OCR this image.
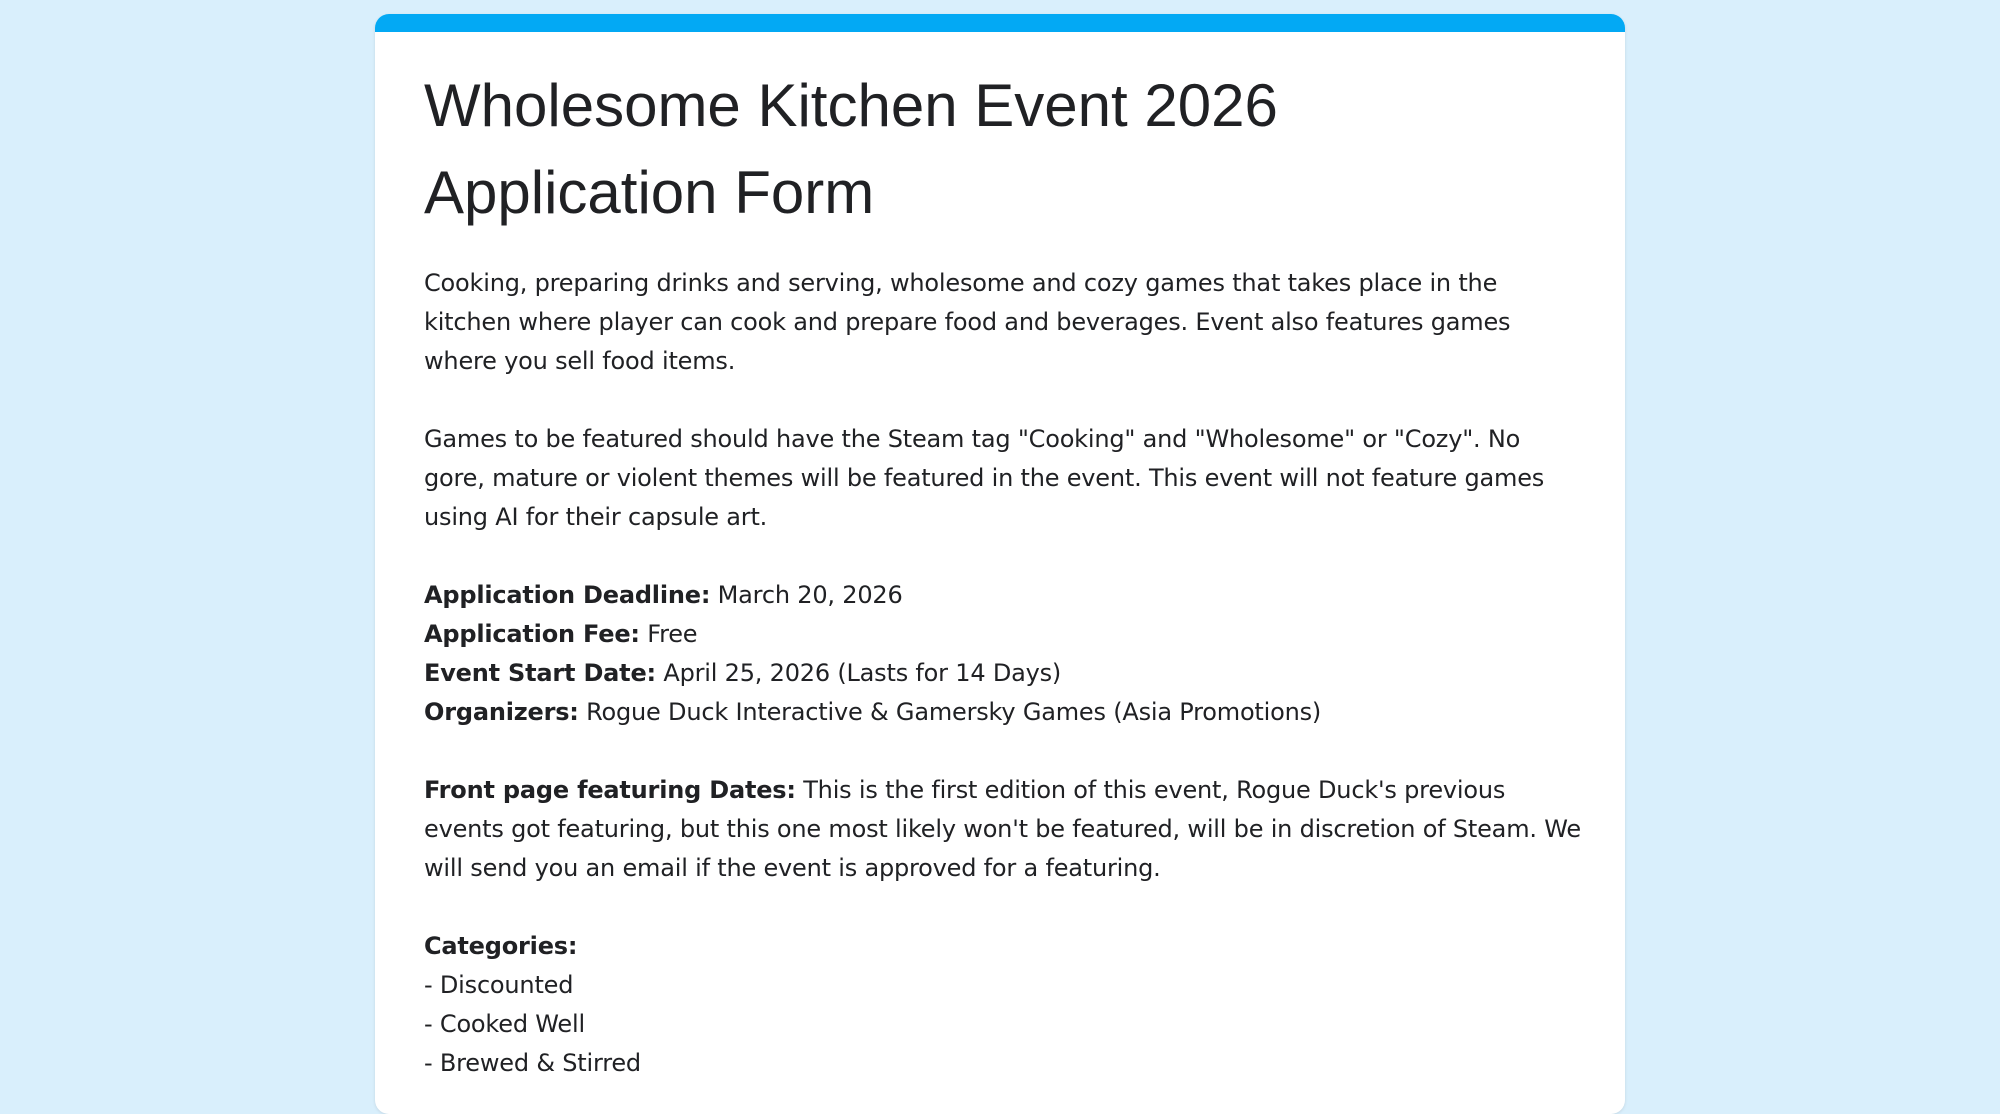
Wholesome Kitchen Event 2026 Application Form

Cooking, preparing drinks and serving, wholesome and cozy games that takes place in the kitchen where player can cook and prepare food and beverages. Event also features games where you sell food items.

Games to be featured should have the Steam tag "Cooking" and "Wholesome" or "Cozy". No gore, mature or violent themes will be featured in the event. This event will not feature games using AI for their capsule art.

Application Deadline: March 20, 2026
Application Fee: Free
Event Start Date: April 25, 2026 (Lasts for 14 Days)
Organizers: Rogue Duck Interactive & Gamersky Games (Asia Promotions)

Front page featuring Dates: This is the first edition of this event, Rogue Duck's previous events got featuring, but this one most likely won't be featured, will be in discretion of Steam. We will send you an email if the event is approved for a featuring.

Categories:
- Discounted
- Cooked Well
- Brewed & Stirred
